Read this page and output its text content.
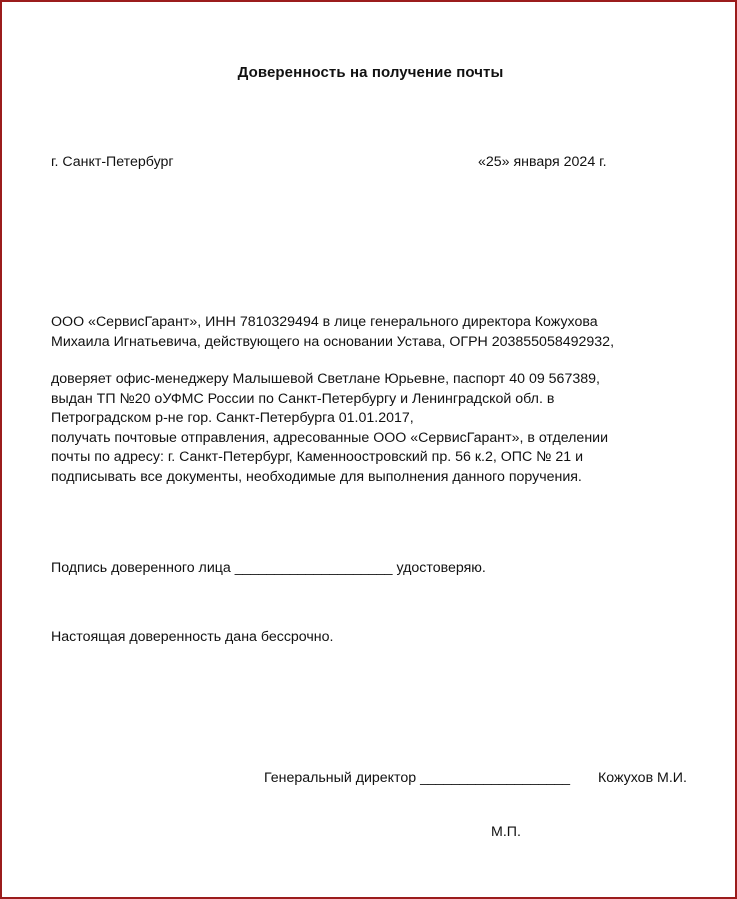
Доверенность на получение почты
г. Санкт-Петербург	«25» января 2024 г.
ООО «СервисГарант», ИНН 7810329494 в лице генерального директора Кожухова
Михаила Игнатьевича, действующего на основании Устава, ОГРН 203855058492932,
доверяет офис-менеджеру Малышевой Светлане Юрьевне, паспорт 40 09 567389,
выдан ТП №20 оУФМС России по Санкт-Петербургу и Ленинградской обл. в
Петроградском р-не гор. Санкт-Петербурга 01.01.2017,
получать почтовые отправления, адресованные ООО «СервисГарант», в отделении
почты по адресу: г. Санкт-Петербург, Каменноостровский пр. 56 к.2, ОПС № 21 и
подписывать все документы, необходимые для выполнения данного поручения.
Подпись доверенного лица ____________________ удостоверяю.
Настоящая доверенность дана бессрочно.
Генеральный директор ___________________ Кожухов М.И.
М.П.
